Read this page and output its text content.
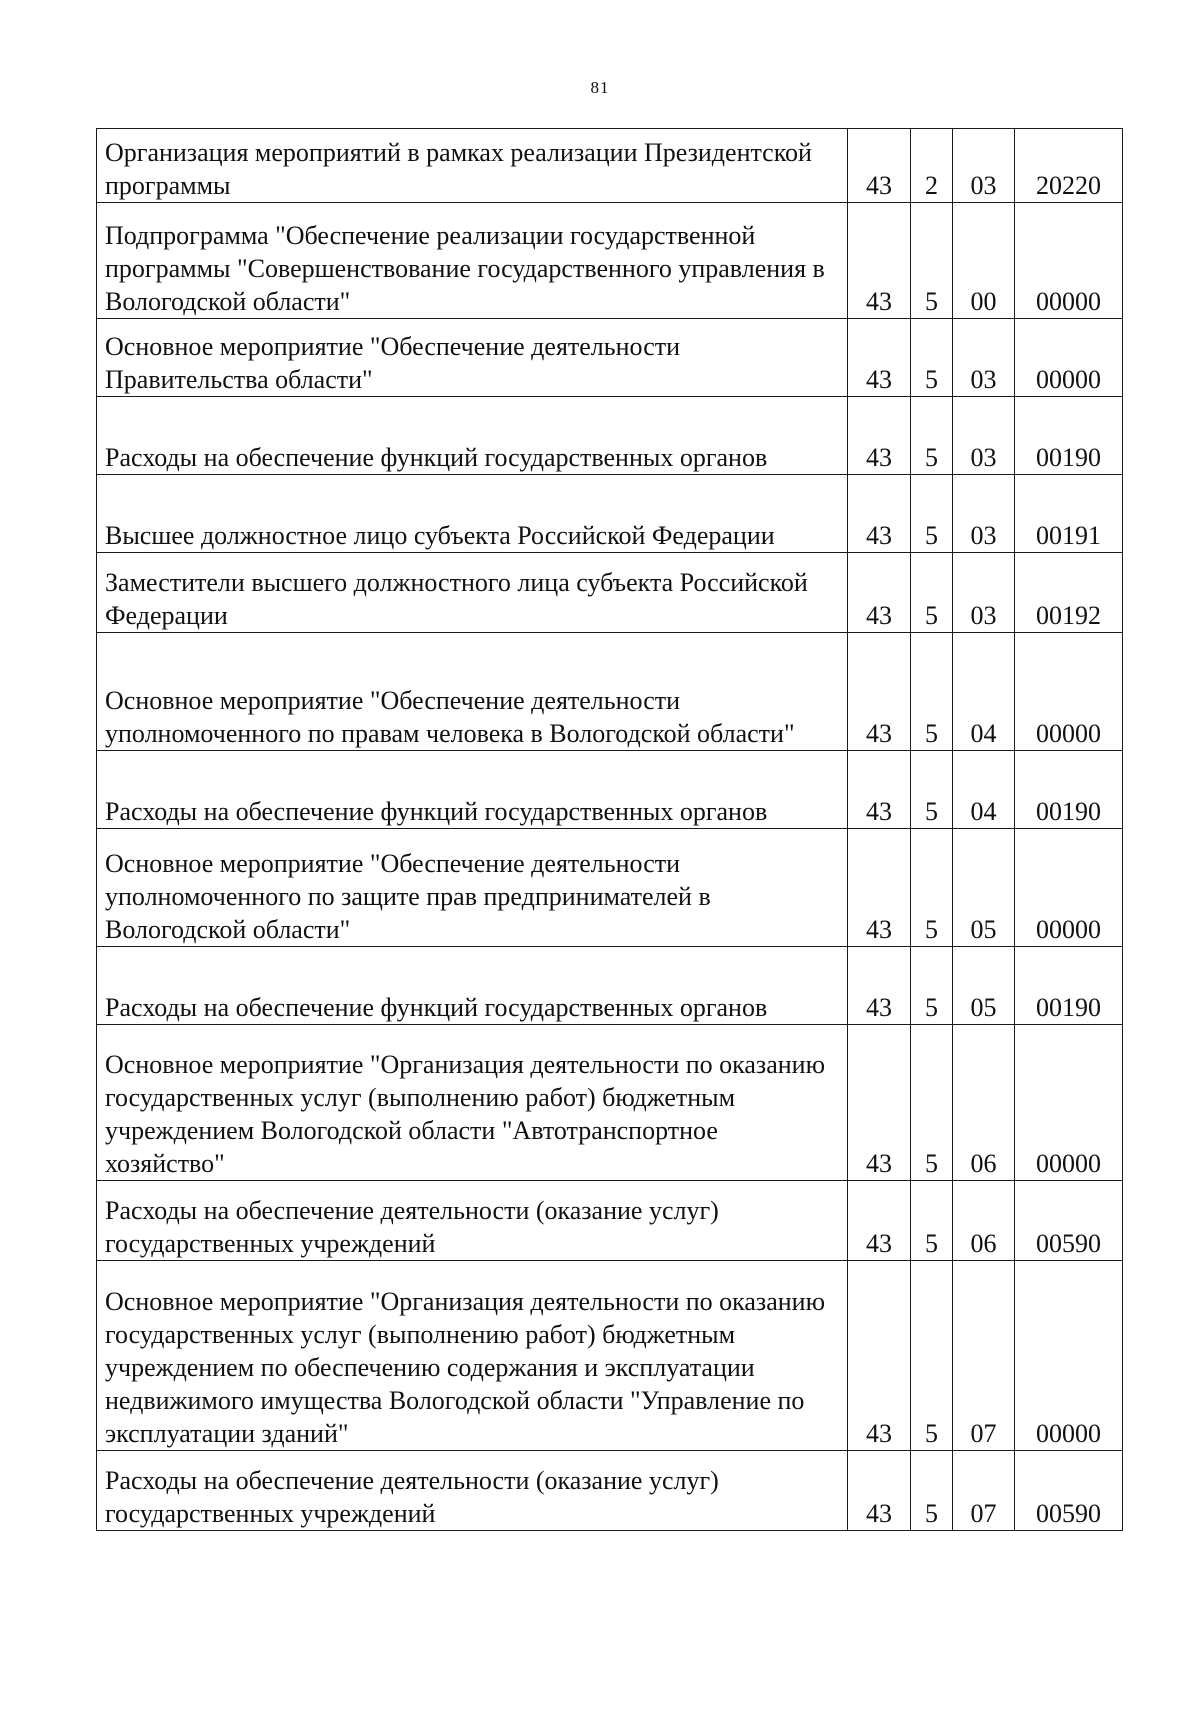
81
Организация мероприятий в рамках реализации Президентской программы	43	2	03	20220
Подпрограмма "Обеспечение реализации государственной программы "Совершенствование государственного управления в Вологодской области"	43	5	00	00000
Основное мероприятие "Обеспечение деятельности Правительства области"	43	5	03	00000
Расходы на обеспечение функций государственных органов	43	5	03	00190
Высшее должностное лицо субъекта Российской Федерации	43	5	03	00191
Заместители высшего должностного лица субъекта Российской Федерации	43	5	03	00192
Основное мероприятие "Обеспечение деятельности уполномоченного по правам человека в Вологодской области"	43	5	04	00000
Расходы на обеспечение функций государственных органов	43	5	04	00190
Основное мероприятие "Обеспечение деятельности уполномоченного по защите прав предпринимателей в Вологодской области"	43	5	05	00000
Расходы на обеспечение функций государственных органов	43	5	05	00190
Основное мероприятие "Организация деятельности по оказанию государственных услуг (выполнению работ) бюджетным учреждением Вологодской области "Автотранспортное хозяйство"	43	5	06	00000
Расходы на обеспечение деятельности (оказание услуг) государственных учреждений	43	5	06	00590
Основное мероприятие "Организация деятельности по оказанию государственных услуг (выполнению работ) бюджетным учреждением по обеспечению содержания и эксплуатации недвижимого имущества Вологодской области "Управление по эксплуатации зданий"	43	5	07	00000
Расходы на обеспечение деятельности (оказание услуг) государственных учреждений	43	5	07	00590
